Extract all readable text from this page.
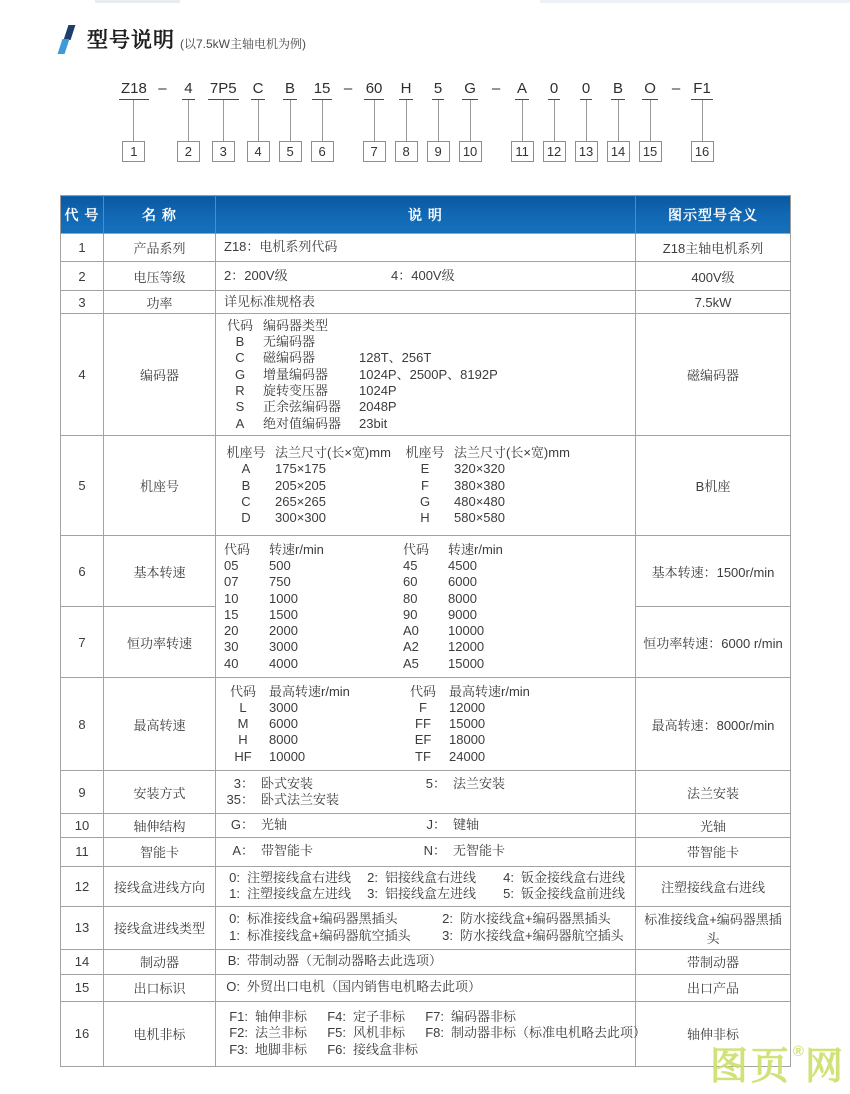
型号说明 (以7.5kW主轴电机为例)
Z18
1
– 4
2
7P5
3
C
4
B
5
15
6
– 60
7
H
8
5
9
G
10
– A
11
0
12
0
13
B
14
O
15
– F1
16
代 号	名 称	说 明	图示型号含义
1	产品系列	Z18：电机系列代码	Z18主轴电机系列
2	电压等级	2：200V级 4：400V级	400V级
3	功率	详见标准规格表	7.5kW
4	编码器	
代码 编码器类型
B	无编码器
C	磁编码器	128T、256T
G	增量编码器	1024P、2500P、8192P
R	旋转变压器	1024P
S	正余弦编码器	2048P
A	绝对值编码器	23bit
	磁编码器
5	机座号	
机座号 法兰尺寸(长×宽)mm	机座号 法兰尺寸(长×宽)mm
A	175×175	E	320×320
B	205×205	F	380×380
C	265×265	G	480×480
D	300×300	H	580×580
	B机座
6	基本转速	
代码	转速r/min	代码	转速r/min
05	500	45	4500
07	750	60	6000
10	1000	80	8000
15	1500	90	9000
20	2000	A0	10000
30	3000	A2	12000
40	4000	A5	15000
	基本转速：1500r/min
7	恒功率转速		恒功率转速：6000 r/min
8	最高转速	
代码	最高转速r/min	代码	最高转速r/min
L	3000	F	12000
M	6000	FF	15000
H	8000	EF	18000
HF	10000	TF	24000
	最高转速：8000r/min
9	安装方式	
3： 卧式安装	5： 法兰安装
35： 卧式法兰安装	法兰安装
10	轴伸结构	G： 光轴 J： 键轴	光轴
11	智能卡	A： 带智能卡 N： 无智能卡	带智能卡
12	接线盒进线方向	
0: 注塑接线盒右进线	2: 铝接线盒右进线	4: 钣金接线盒右进线
1: 注塑接线盒左进线	3: 铝接线盒左进线	5: 钣金接线盒前进线	注塑接线盒右进线
13	接线盒进线类型	
0: 标准接线盒+编码器黑插头	2: 防水接线盒+编码器黑插头
1: 标准接线盒+编码器航空插头	3: 防水接线盒+编码器航空插头
	标准接线盒+编码器黑插头
14	制动器	B: 带制动器（无制动器略去此选项）	带制动器
15	出口标识	O: 外贸出口电机（国内销售电机略去此项）	出口产品
16	电机非标	
F1: 轴伸非标	F4: 定子非标	F7: 编码器非标
F2: 法兰非标	F5: 风机非标	F8: 制动器非标（标准电机略去此项）
F3: 地脚非标	F6: 接线盒非标
	轴伸非标
图页®网
